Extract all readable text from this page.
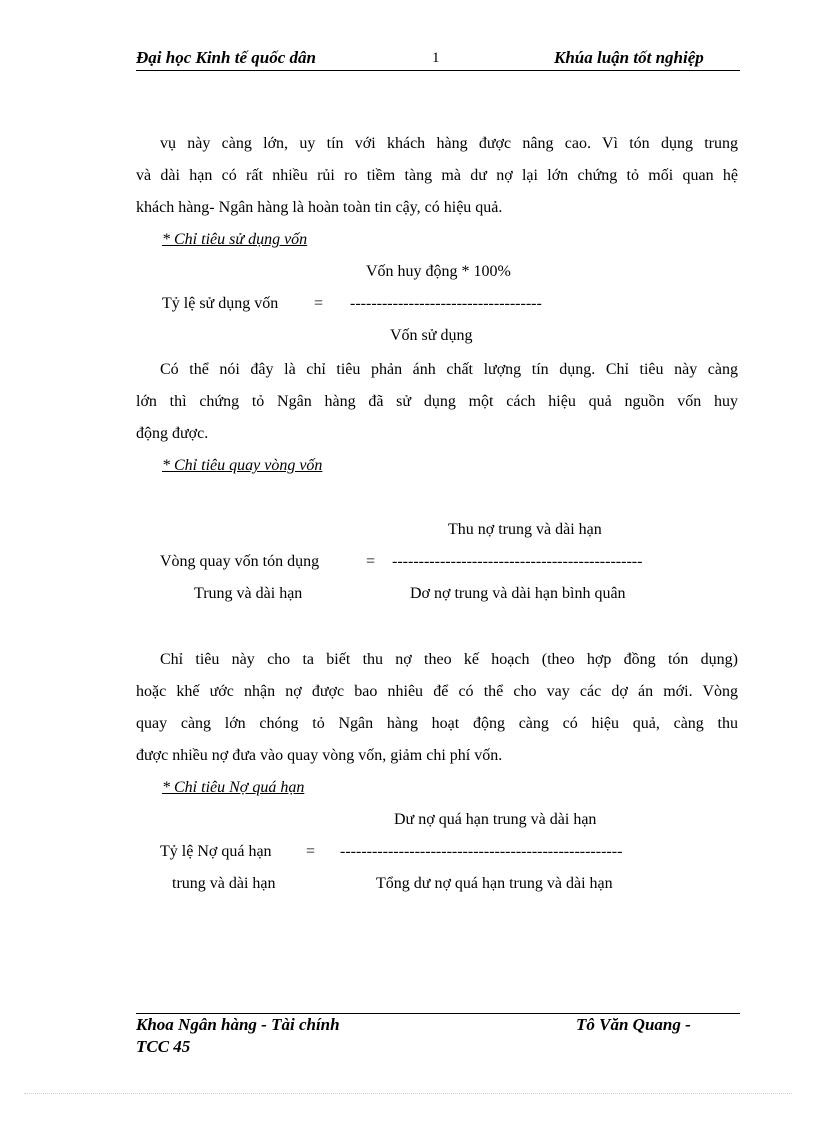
Đại học Kinh tế quốc dân	1	Khúa luận tốt nghiệp
vụ này càng lớn, uy tín với khách hàng được nâng cao. Vì tón dụng trung
và dài hạn có rất nhiều rủi ro tiềm tàng mà dư nợ lại lớn chứng tỏ mối quan hệ
khách hàng- Ngân hàng là hoàn toàn tin cậy, có hiệu quả.
* Chỉ tiêu sử dụng vốn
Vốn huy động * 100%
Tỷ lệ sử dụng vốn = ------------------------------------
Vốn sử dụng
Có thể nói đây là chỉ tiêu phản ánh chất lượng tín dụng. Chỉ tiêu này càng
lớn thì chứng tỏ Ngân hàng đã sử dụng một cách hiệu quả nguồn vốn huy
động được.
* Chỉ tiêu quay vòng vốn
Thu nợ trung và dài hạn
Vòng quay vốn tón dụng	= -----------------------------------------------
Trung và dài hạn	Dơ nợ trung và dài hạn bình quân
Chỉ tiêu này cho ta biết thu nợ theo kế hoạch (theo hợp đồng tón dụng)
hoặc khế ước nhận nợ được bao nhiêu để có thể cho vay các dợ án mới. Vòng
quay càng lớn chóng tỏ Ngân hàng hoạt động càng có hiệu quả, càng thu
được nhiều nợ đưa vào quay vòng vốn, giảm chi phí vốn.
* Chỉ tiêu Nợ quá hạn
Dư nợ quá hạn trung và dài hạn
Tỷ lệ Nợ quá hạn = -----------------------------------------------------
trung và dài hạn	Tổng dư nợ quá hạn trung và dài hạn
Khoa Ngân hàng - Tài chính
TCC 45
Tô Văn Quang -
